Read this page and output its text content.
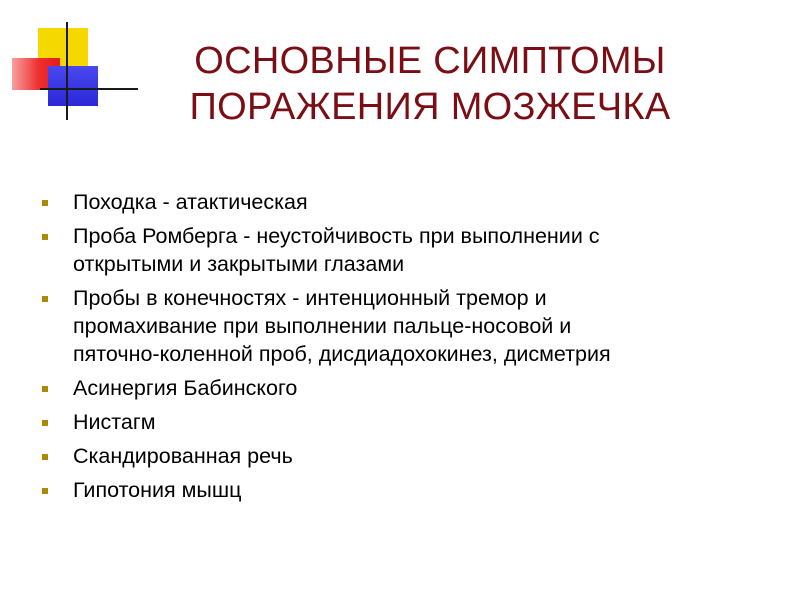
ОСНОВНЫЕ СИМПТОМЫ
ПОРАЖЕНИЯ МОЗЖЕЧКА
Походка - атактическая
Проба Ромберга - неустойчивость при выполнении с
открытыми и закрытыми глазами
Пробы в конечностях - интенционный тремор и
промахивание при выполнении пальце-носовой и
пяточно-коленной проб, дисдиадохокинез, дисметрия
Асинергия Бабинского
Нистагм
Скандированная речь
Гипотония мышц
